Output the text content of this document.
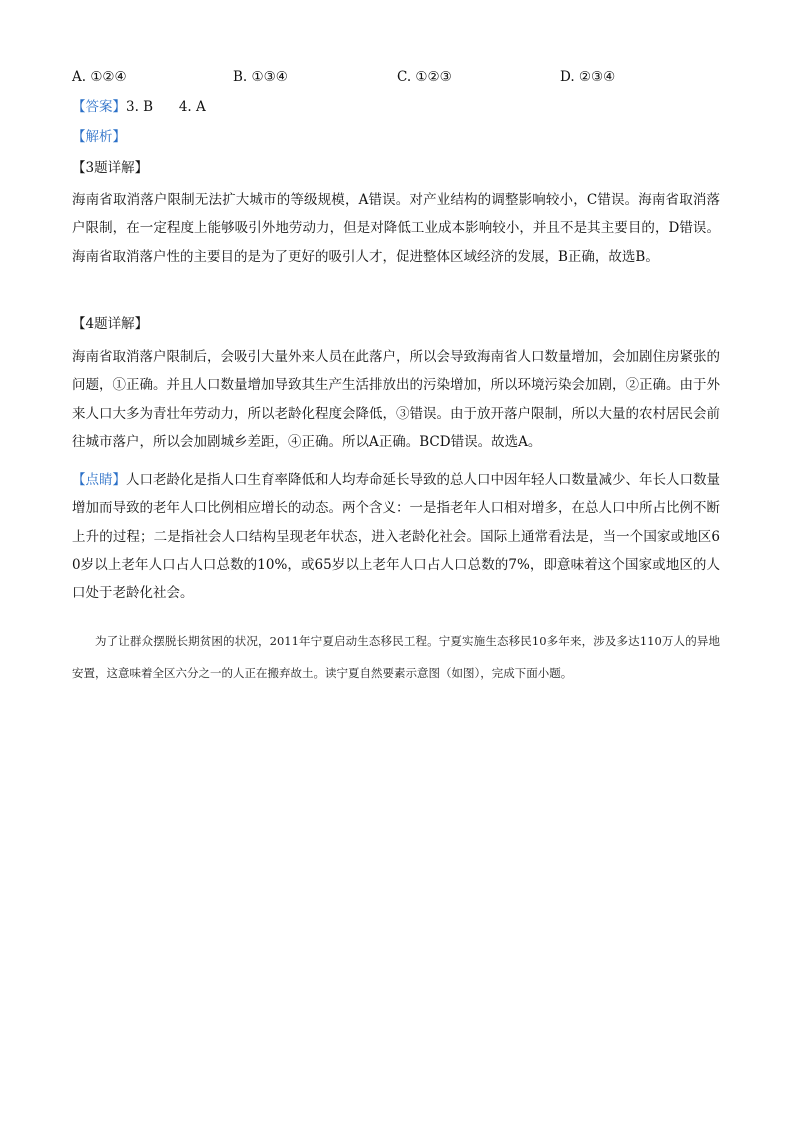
A. ①②④	B. ①③④	C. ①②③	D. ②③④
【答案】3. B      4. A
【解析】
【3题详解】
海南省取消落户限制无法扩大城市的等级规模，A错误。对产业结构的调整影响较小，C错误。海南省取消落户限制，在一定程度上能够吸引外地劳动力，但是对降低工业成本影响较小，并且不是其主要目的，D错误。海南省取消落户性的主要目的是为了更好的吸引人才，促进整体区域经济的发展，B正确，故选B。
【4题详解】
海南省取消落户限制后，会吸引大量外来人员在此落户，所以会导致海南省人口数量增加，会加剧住房紧张的问题，①正确。并且人口数量增加导致其生产生活排放出的污染增加，所以环境污染会加剧，②正确。由于外来人口大多为青壮年劳动力，所以老龄化程度会降低，③错误。由于放开落户限制，所以大量的农村居民会前往城市落户，所以会加剧城乡差距，④正确。所以A正确。BCD错误。故选A。
【点睛】人口老龄化是指人口生育率降低和人均寿命延长导致的总人口中因年轻人口数量减少、年长人口数量增加而导致的老年人口比例相应增长的动态。两个含义：一是指老年人口相对增多，在总人口中所占比例不断上升的过程；二是指社会人口结构呈现老年状态，进入老龄化社会。国际上通常看法是，当一个国家或地区60岁以上老年人口占人口总数的10%，或65岁以上老年人口占人口总数的7%，即意味着这个国家或地区的人口处于老龄化社会。
为了让群众摆脱长期贫困的状况，2011年宁夏启动生态移民工程。宁夏实施生态移民10多年来，涉及多达110万人的异地安置，这意味着全区六分之一的人正在搬弃故土。读宁夏自然要素示意图（如图），完成下面小题。
